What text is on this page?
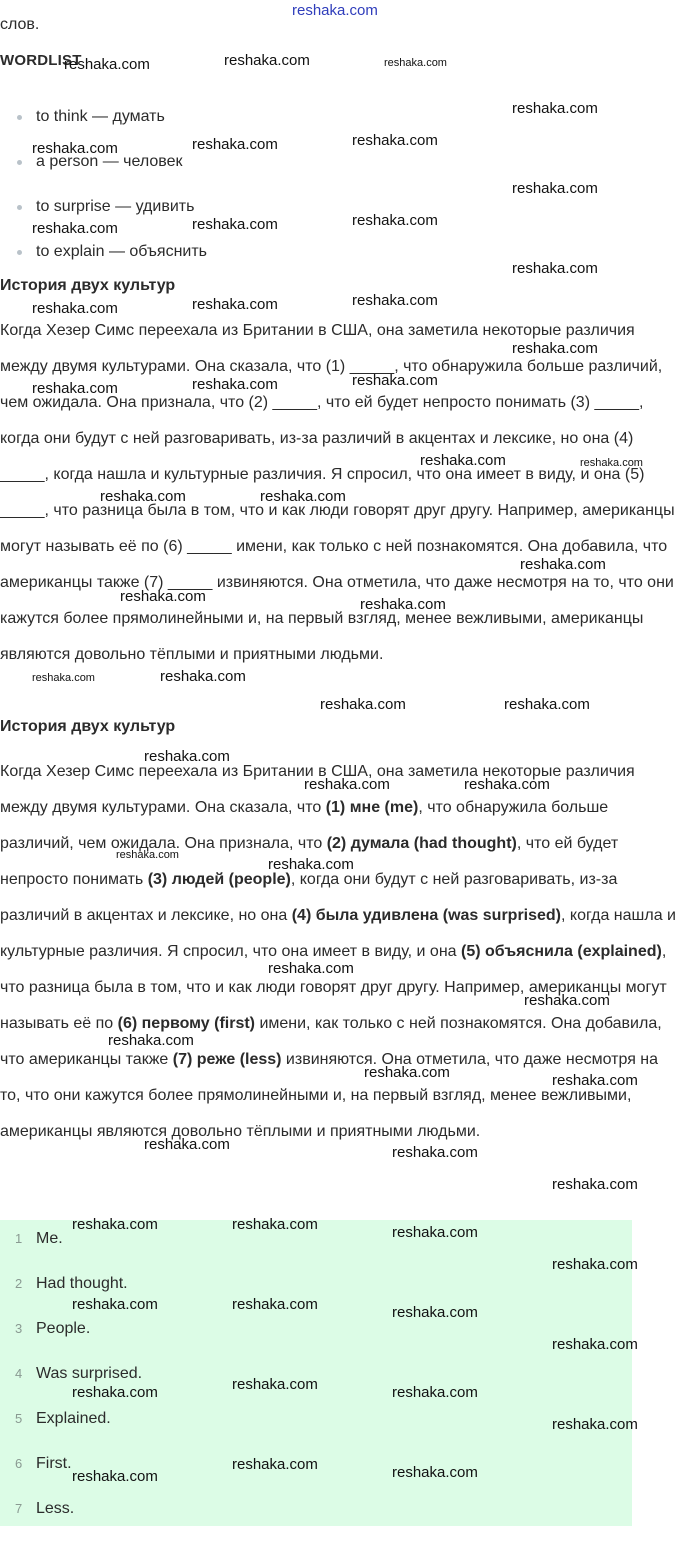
слов.
WORDLIST
to think — думать
a person — человек
to surprise — удивить
to explain — объяснить
История двух культур

Когда Хезер Симс переехала из Британии в США, она заметила некоторые различия между двумя культурами. Она сказала, что (1) _____, что обнаружила больше различий, чем ожидала. Она признала, что (2) _____, что ей будет непросто понимать (3) _____, когда они будут с ней разговаривать, из-за различий в акцентах и лексике, но она (4) _____, когда нашла и культурные различия. Я спросил, что она имеет в виду, и она (5) _____, что разница была в том, что и как люди говорят друг другу. Например, американцы могут называть её по (6) _____ имени, как только с ней познакомятся. Она добавила, что американцы также (7) _____ извиняются. Она отметила, что даже несмотря на то, что они кажутся более прямолинейными и, на первый взгляд, менее вежливыми, американцы являются довольно тёплыми и приятными людьми.

История двух культур

Когда Хезер Симс переехала из Британии в США, она заметила некоторые различия между двумя культурами. Она сказала, что (1) мне (me), что обнаружила больше различий, чем ожидала. Она признала, что (2) думала (had thought), что ей будет непросто понимать (3) людей (people), когда они будут с ней разговаривать, из-за различий в акцентах и лексике, но она (4) была удивлена (was surprised), когда нашла и культурные различия. Я спросил, что она имеет в виду, и она (5) объяснила (explained), что разница была в том, что и как люди говорят друг другу. Например, американцы могут называть её по (6) первому (first) имени, как только с ней познакомятся. Она добавила, что американцы также (7) реже (less) извиняются. Она отметила, что даже несмотря на то, что они кажутся более прямолинейными и, на первый взгляд, менее вежливыми, американцы являются довольно тёплыми и приятными людьми.

1 Me.
2 Had thought.
3 People.
4 Was surprised.
5 Explained.
6 First.
7 Less.
reshaka.com
reshaka.com	reshaka.com	reshaka.com
reshaka.com
reshaka.com	reshaka.com	reshaka.com
reshaka.com
reshaka.com	reshaka.com	reshaka.com
reshaka.com
reshaka.com	reshaka.com	reshaka.com
reshaka.com
reshaka.com	reshaka.com	reshaka.com
reshaka.com	reshaka.com
reshaka.com	reshaka.com
reshaka.com
reshaka.com	reshaka.com
reshaka.com	reshaka.com
reshaka.com	reshaka.com
reshaka.com
reshaka.com	reshaka.com
reshaka.com
reshaka.com
reshaka.com
reshaka.com
reshaka.com
reshaka.com	reshaka.com
reshaka.com	reshaka.com
reshaka.com
reshaka.com	reshaka.com	reshaka.com
reshaka.com
reshaka.com	reshaka.com	reshaka.com
reshaka.com
reshaka.com	reshaka.com	reshaka.com
reshaka.com
reshaka.com
reshaka.com	reshaka.com
